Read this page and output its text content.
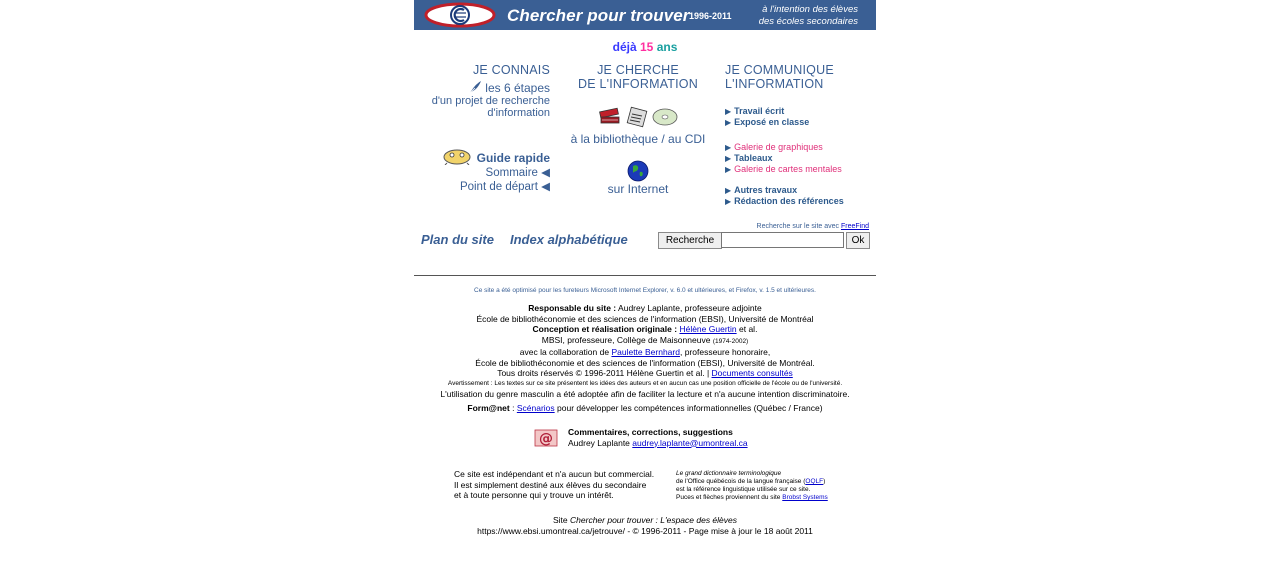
Chercher pour trouver 1996-2011
à l'intention des élèves
des écoles secondaires
déjà 15 ans
JE CONNAIS
les 6 étapes
d'un projet de recherche
d'information
Guide rapide
Sommaire ◀
Point de départ ◀
JE CHERCHE
DE L'INFORMATION

à la bibliothèque / au CDI
sur Internet
JE COMMUNIQUE
L'INFORMATION
▶ Travail écrit
▶ Exposé en classe
▶ Galerie de graphiques
▶ Tableaux
▶ Galerie de cartes mentales
▶ Autres travaux
▶ Rédaction des références
Plan du site Index alphabétique
Recherche sur le site avec FreeFind
Recherche	Ok
Ce site a été optimisé pour les fureteurs Microsoft Internet Explorer, v. 6.0 et ultérieures, et Firefox, v. 1.5 et ultérieures.
Responsable du site : Audrey Laplante, professeure adjointe
École de bibliothéconomie et des sciences de l'information (EBSI), Université de Montréal
Conception et réalisation originale : Hélène Guertin et al.
MBSI, professeure, Collège de Maisonneuve (1974-2002)
avec la collaboration de Paulette Bernhard, professeure honoraire,
École de bibliothéconomie et des sciences de l'information (EBSI), Université de Montréal.
Tous droits réservés © 1996-2011 Hélène Guertin et al. | Documents consultés
Avertissement : Les textes sur ce site présentent les idées des auteurs et en aucun cas une position officielle de l'école ou de l'université.
L'utilisation du genre masculin a été adoptée afin de faciliter la lecture et n'a aucune intention discriminatoire.
Form@net : Scénarios pour développer les compétences informationnelles (Québec / France)
@ Commentaires, corrections, suggestions
Audrey Laplante audrey.laplante@umontreal.ca
Ce site est indépendant et n'a aucun but commercial.
Il est simplement destiné aux élèves du secondaire
et à toute personne qui y trouve un intérêt.
Le grand dictionnaire terminologique
de l'Office québécois de la langue française (OQLF)
est la référence linguistique utilisée sur ce site.
Puces et flèches proviennent du site Brobst Systems
Site Chercher pour trouver : L'espace des élèves
https://www.ebsi.umontreal.ca/jetrouve/ - © 1996-2011 - Page mise à jour le 18 août 2011
